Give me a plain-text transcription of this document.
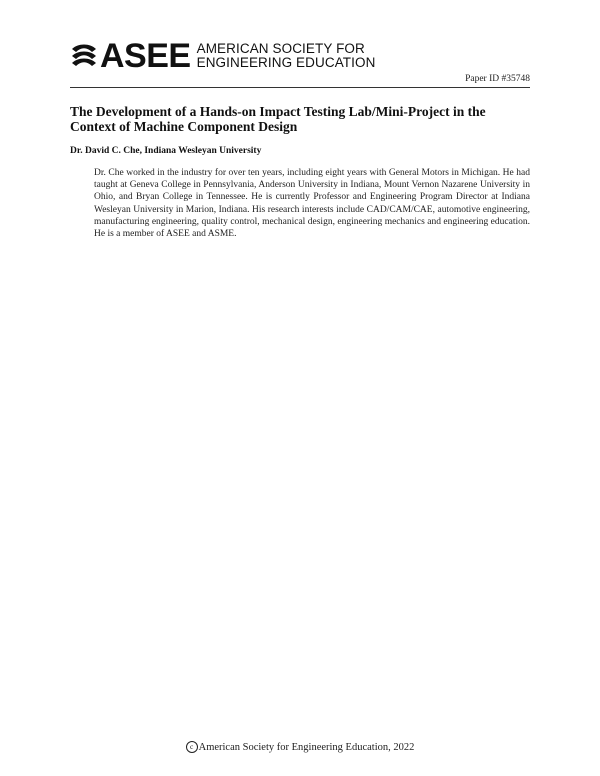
ASEE AMERICAN SOCIETY FOR
ENGINEERING EDUCATION
Paper ID #35748
The Development of a Hands-on Impact Testing Lab/Mini-Project in the Context of Machine Component Design
Dr. David C. Che, Indiana Wesleyan University

Dr. Che worked in the industry for over ten years, including eight years with General Motors in Michigan. He had taught at Geneva College in Pennsylvania, Anderson University in Indiana, Mount Vernon Nazarene University in Ohio, and Bryan College in Tennessee. He is currently Professor and Engineering Program Director at Indiana Wesleyan University in Marion, Indiana. His research interests include CAD/CAM/CAE, automotive engineering, manufacturing engineering, quality control, mechanical design, engineering mechanics and engineering education. He is a member of ASEE and ASME.

c American Society for Engineering Education, 2022
